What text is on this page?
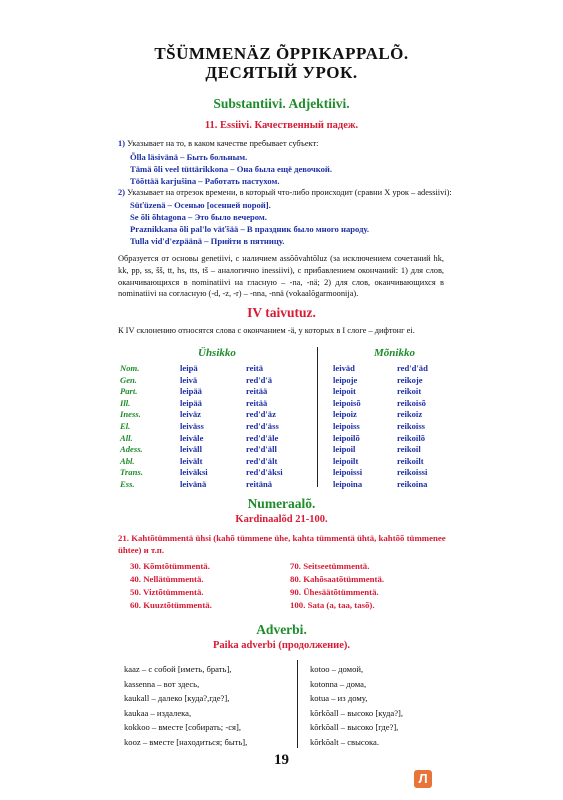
TŠÜMMENÄZ ÕPPIKAPPALÕ.
ДЕСЯТЫЙ УРОК.
Substantiivi. Adjektiivi.
11. Essiivi. Качественный падеж.
1) Указывает на то, в каком качестве пребывает субъект:
Õlla läsivänä – Быть больным.
Tämä õli veel tüttärikkona – Она была ещё девочкой.
Töõttää karjušina – Работать пастухом.
2) Указывает на отрезок времени, в который что-либо происходит (сравни X урок – adessiivi):
Süťüzenä – Осенью [осенней порой].
Se õli õhtagona – Это было вечером.
Praznikkana õli pal'lo väťšää – В праздник было много народу.
Tulla vid'd'ezpäänä – Прийти в пятницу.
Образуется от основы genetiivi, с наличием assõõvahtõluz (за исключением сочетаний hk, kk, pp, ss, šš, tt, hs, tts, tš – аналогично inessiivi), с прибавлением окончаний: 1) для слов, оканчивающихся в nominatiivi на гласную – -na, -nä; 2) для слов, оканчивающихся в nominatiivi на согласную (-d, -z, -r) – -nna, -nnä (vokaalõgarmoonija).
IV taivutuz.
К IV склонению относятся слова с окончанием -ä, у которых в I слоге – дифтонг ei.
Ühsikko	Mõnikko
Nom.	leipä	reitä	leiväd	red'd'äd
Gen.	leivä	red'd'ä	leipoje	reikoje
Part.	leipää	reitää	leipoit	reikoit
Ill.	leipää	reitää	leipoisõ	reikoisõ
Iness.	leiväz	red'd'äz	leipoiz	reikoiz
El.	leiväss	red'd'äss	leipoiss	reikoiss
All.	leiväle	red'd'äle	leipoilõ	reikoilõ
Adess.	leiväll	red'd'äll	leipoil	reikoil
Abl.	leivält	red'd'ält	leipoilt	reikoilt
Trans.	leiväksi	red'd'äksi	leipoissi	reikoissi
Ess.	leivänä	reitänä	leipoina	reikoina
Numeraalõ.
Kardinaalõd 21-100.
21. Kahtõtümmentä ühsi (kahõ tümmene ühe, kahta tümmentä ühtä, kahtõõ tümmenee ühtee) и т.п.
30. Kõmtõtümmentä.
40. Nellätümmentä.
50. Viztõtümmentä.
60. Kuuztõtümmentä.
70. Seitseetümmentä.
80. Kahõsaatõtümmentä.
90. Ühesäätõtümmentä.
100. Sata (a, taa, tasõ).
Adverbi.
Paika adverbi (продолжение).
kaaz – с собой [иметь, брать],
kassenna – вот здесь,
kaukall – далеко [куда?,где?],
kaukaa – издалека,
kokkoo – вместе [собирать; -ся],
kooz – вместе [находиться; быть],
kotoo – домой,
kotonna – дома,
kotua – из дому,
kõrkõall – высоко [куда?],
kõrkõall – высоко [где?],
kõrkõalt – свысока.
19
Л
